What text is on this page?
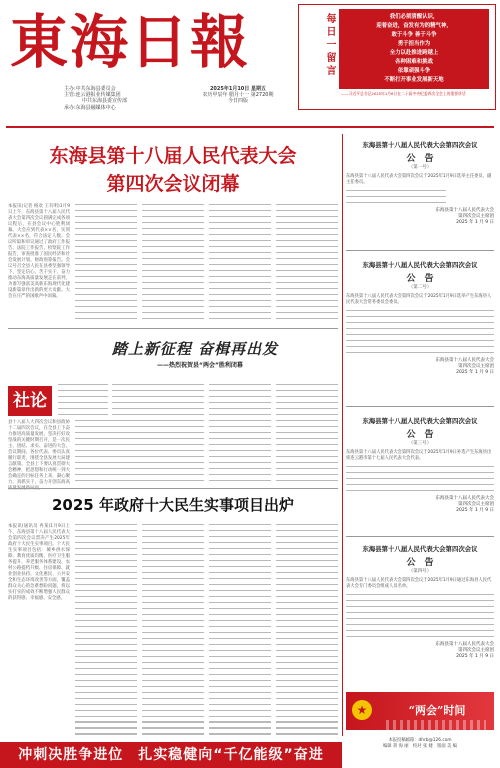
東海日報
主办:中共东海县委员会
主管:连云港报业传媒集团
中共东海县委宣传部
承办:东海县融媒体中心
2025年1月10日 星期五
农历甲辰年 腊月十一 第2720期
今日四版
每日一留言	我们必须清醒认识，
迎着奋进，奋发有为的精气神，
敢于斗争 善于斗争
勇于担当作为
全力以赴推进跨越上
各种困难和挑战
依靠顽强斗争
不断打开事业发展新天地
——习近平总书记2025年1月6日在二十届中央纪委四次全会上的重要讲话
东海县第十八届人民代表大会
第四次会议闭幕
本报讯(记者 杨欢 王有明)1月9日上午，东海县第十八届人民代表大会第四次会议圆满完成各项议程后，在县会议中心胜利闭幕。大会应到代表××名，实到代表××名，符合法定人数。会议听取和审议通过了政府工作报告、法院工作报告、检察院工作报告，审查批准了国民经济和社会发展计划、财政预算报告。会议号召全县人民在县委坚强领导下，坚定信心、苦干实干，奋力推动东海高质量发展走在前列，为谱写强富美高新东海现代化建设新篇章作出新的更大贡献。大会在庄严的国歌声中闭幕。
踏上新征程 奋楫再出发
——热烈祝贺县“两会”胜利闭幕
社论
县十八届人大四次会议和县政协十二届四次会议，在全县上下奋力推进高质量发展、坚决打好攻坚战的关键时期召开，是一次民主、团结、求实、奋进的大会。会议期间，各位代表、委员认真履行职责，围绕全县发展大局建言献策。全县上下要认真贯彻大会精神，把思想和行动统一到大会确定的目标任务上来，凝心聚力、真抓实干，奋力开创东海高
2025 年政府十大民生实事项目出炉
本报讯(通讯员 冉某)1月9日上午，东海县第十八届人民代表大会第四次会议票决产生2025年政府十大民生实事项目。十大民生实事项目包括：城乡供水保障、教育优质均衡、医疗卫生服务提升、养老服务体系建设、农村公路提档升级、住房保障、就业创业扶持、文化惠民、公共安全和生态环境改善等方面，覆盖群众关心的急难愁盼问题，将以实打实的成效不断增强人民群众的获得感、幸福感、安全感。
东海县第十八届人民代表大会第四次会议
公　告
（第一号）
东海县第十八届人民代表大会第四次会议于2025年1月9日选举主任委员、副主任委员。
东海县第十八届人民代表大会
第四次会议主席团
2025 年 1 月 9 日
东海县第十八届人民代表大会第四次会议
公　告
（第二号）
东海县第十八届人民代表大会第四次会议于2025年1月9日选举产生东海县人民代表大会常务委员会委员。
东海县第十八届人民代表大会
第四次会议主席团
2025 年 1 月 9 日
东海县第十八届人民代表大会第四次会议
公　告
（第三号）
东海县第十八届人民代表大会第四次会议于2025年1月9日补选产生东海县出席连云港市第十七届人民代表大会代表。
东海县第十八届人民代表大会
第四次会议主席团
2025 年 1 月 9 日
东海县第十八届人民代表大会第四次会议
公　告
（第四号）
东海县第十八届人民代表大会第四次会议于2025年1月9日通过东海县人民代表大会专门委员会组成人员名单。
东海县第十八届人民代表大会
第四次会议主席团
2025 年 1 月 9 日
★	“两会”时间
本报投稿邮箱：dhrb@126.com
编辑 蒋 海 丽　校对 张 婕　版面 美 编
冲刺决胜争进位　扎实稳健向“千亿能级”奋进
